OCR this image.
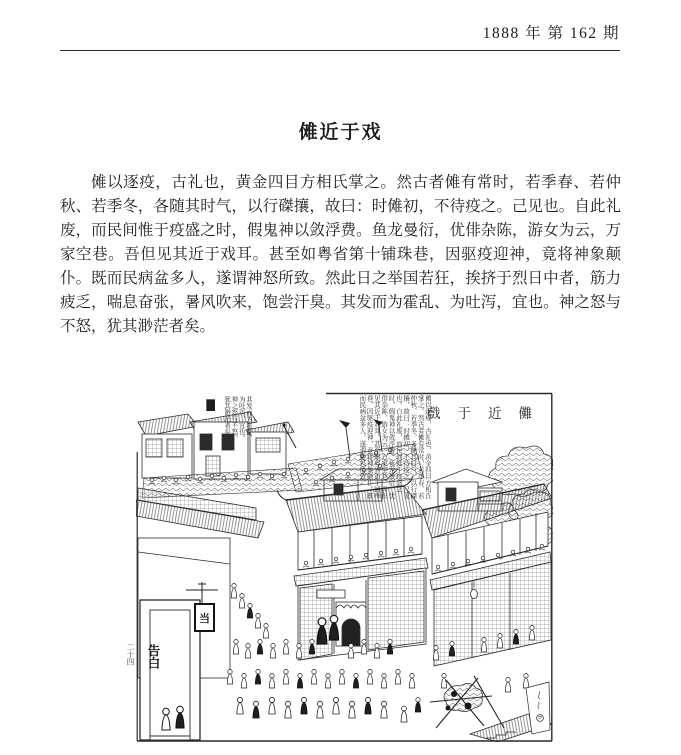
1888 年 第 162 期
傩近于戏
傩以逐疫，古礼也，黄金四目方相氏掌之。然古者傩有常时，若季春、若仲秋、若季冬，各随其时气，以行磔攘，故曰：时傩初，不待疫之。己见也。自此礼废，而民间惟于疫盛之时，假鬼神以敛浮费。鱼龙曼衍，优俳杂陈，游女为云，万家空巷。吾但见其近于戏耳。甚至如粤省第十铺珠巷，因驱疫迎神，竟将神象颠仆。既而民病盆多人，遂谓神怒所致。然此日之举国若狂，挨挤于烈日中者，筋力疲乏，喘息奋张，暑风吹来，饱尝汗臭。其发而为霍乱、为吐泻，宜也。神之怒与不怒，犹其渺茫者矣。
戲于近儺
傩以逐疫，古礼也，黄金四目方相氏掌之。然古者傩有常时，若季春、若仲秋、若季冬，各随其时气，以行磔攘，故曰：时傩初，不待疫之。己见也。自此礼废，而民间惟于疫盛之时，假鬼神以敛浮费。鱼龙曼衍，优俳杂陈，游女为云，万家空巷。吾但见其近于戏耳。甚至如粤省第十铺珠巷，因驱疫迎神，竟将神象颠仆。既而民病盆多人，遂谓神怒所致。
其发而为霍乱、为吐泻，宜也。神之怒与不怒，犹其渺茫者矣。
当
告白
二十四
